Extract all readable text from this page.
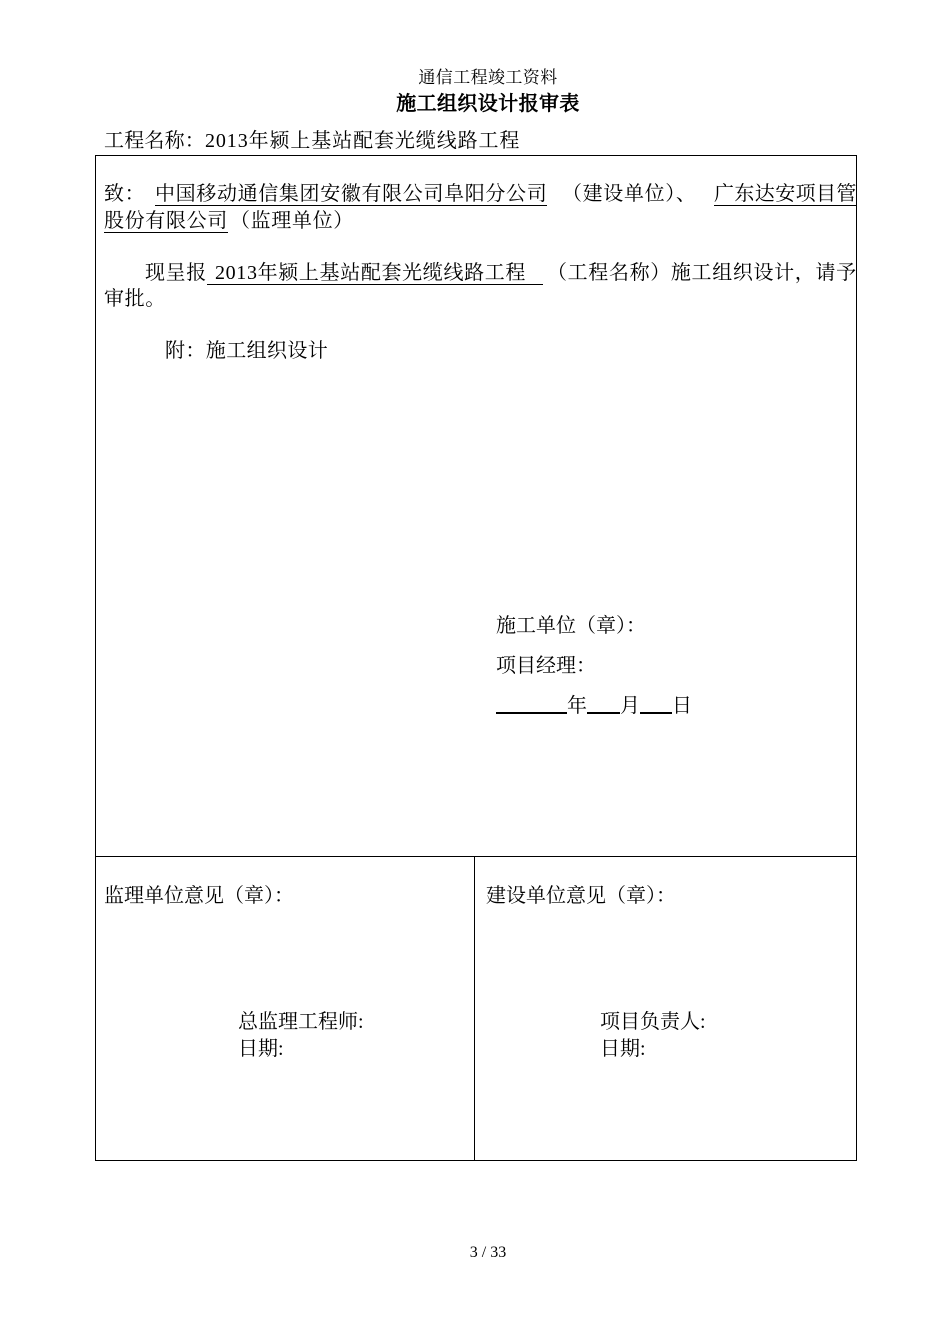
通信工程竣工资料
施工组织设计报审表
工程名称：2013年颍上基站配套光缆线路工程
致： 中国移动通信集团安徽有限公司阜阳分公司 （建设单位）、 广东达安项目管
股份有限公司 （监理单位）
现呈报 2013年颍上基站配套光缆线路工程	（工程名称）施工组织设计，请予
审批。
附：施工组织设计
施工单位（章）：
项目经理：
年 月 日
监理单位意见（章）：
总监理工程师:
日期:
建设单位意见（章）：
项目负责人:
日期:
3 / 33
